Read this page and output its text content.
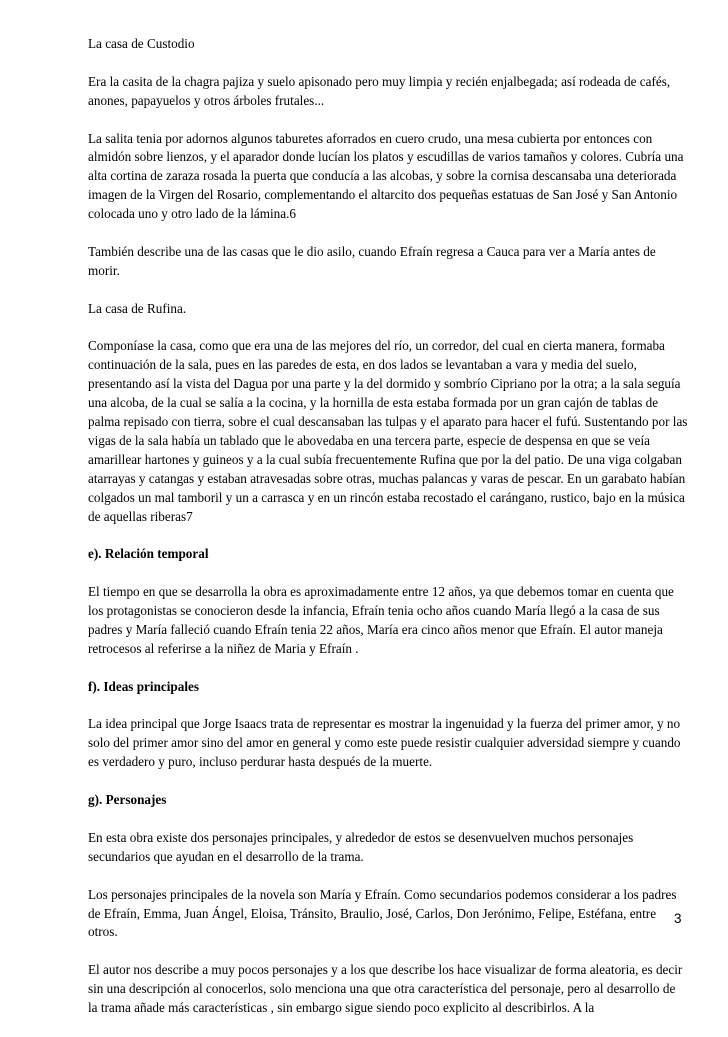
La casa de Custodio

Era la casita de la chagra pajiza y suelo apisonado pero muy limpia y recién enjalbegada; así rodeada de cafés, anones, papayuelos y otros árboles frutales...

La salita tenia por adornos algunos taburetes aforrados en cuero crudo, una mesa cubierta por entonces con almidón sobre lienzos, y el aparador donde lucían los platos y escudillas de varios tamaños y colores. Cubría una alta cortina de zaraza rosada la puerta que conducía a las alcobas, y sobre la cornisa descansaba una deteriorada imagen de la Virgen del Rosario, complementando el altarcito dos pequeñas estatuas de San José y San Antonio colocada uno y otro lado de la lámina.6

También describe una de las casas que le dio asilo, cuando Efraín regresa a Cauca para ver a María antes de morir.

La casa de Rufina.

Componíase la casa, como que era una de las mejores del río, un corredor, del cual en cierta manera, formaba continuación de la sala, pues en las paredes de esta, en dos lados se levantaban a vara y media del suelo, presentando así la vista del Dagua por una parte y la del dormido y sombrío Cipriano por la otra; a la sala seguía una alcoba, de la cual se salía a la cocina, y la hornilla de esta estaba formada por un gran cajón de tablas de palma repisado con tierra, sobre el cual descansaban las tulpas y el aparato para hacer el fufú. Sustentando por las vigas de la sala había un tablado que le abovedaba en una tercera parte, especie de despensa en que se veía amarillear hartones y guineos y a la cual subía frecuentemente Rufina que por la del patio. De una viga colgaban atarrayas y catangas y estaban atravesadas sobre otras, muchas palancas y varas de pescar. En un garabato habían colgados un mal tamboril y un a carrasca y en un rincón estaba recostado el carángano, rustico, bajo en la música de aquellas riberas7

e). Relación temporal

El tiempo en que se desarrolla la obra es aproximadamente entre 12 años, ya que debemos tomar en cuenta que los protagonistas se conocieron desde la infancia, Efraín tenia ocho años cuando María llegó a la casa de sus padres y María falleció cuando Efraín tenia 22 años, María era cinco años menor que Efraín. El autor maneja retrocesos al referirse a la niñez de Maria y Efraín .

f). Ideas principales

La idea principal que Jorge Isaacs trata de representar es mostrar la ingenuidad y la fuerza del primer amor, y no solo del primer amor sino del amor en general y como este puede resistir cualquier adversidad siempre y cuando es verdadero y puro, incluso perdurar hasta después de la muerte.

g). Personajes

En esta obra existe dos personajes principales, y alrededor de estos se desenvuelven muchos personajes secundarios que ayudan en el desarrollo de la trama.

Los personajes principales de la novela son María y Efraín. Como secundarios podemos considerar a los padres de Efraín, Emma, Juan Ángel, Eloisa, Tránsito, Braulio, José, Carlos, Don Jerónimo, Felipe, Estéfana, entre otros.

El autor nos describe a muy pocos personajes y a los que describe los hace visualizar de forma aleatoria, es decir sin una descripción al conocerlos, solo menciona una que otra característica del personaje, pero al desarrollo de la trama añade más características , sin embargo sigue siendo poco explicito al describirlos. A la

3
